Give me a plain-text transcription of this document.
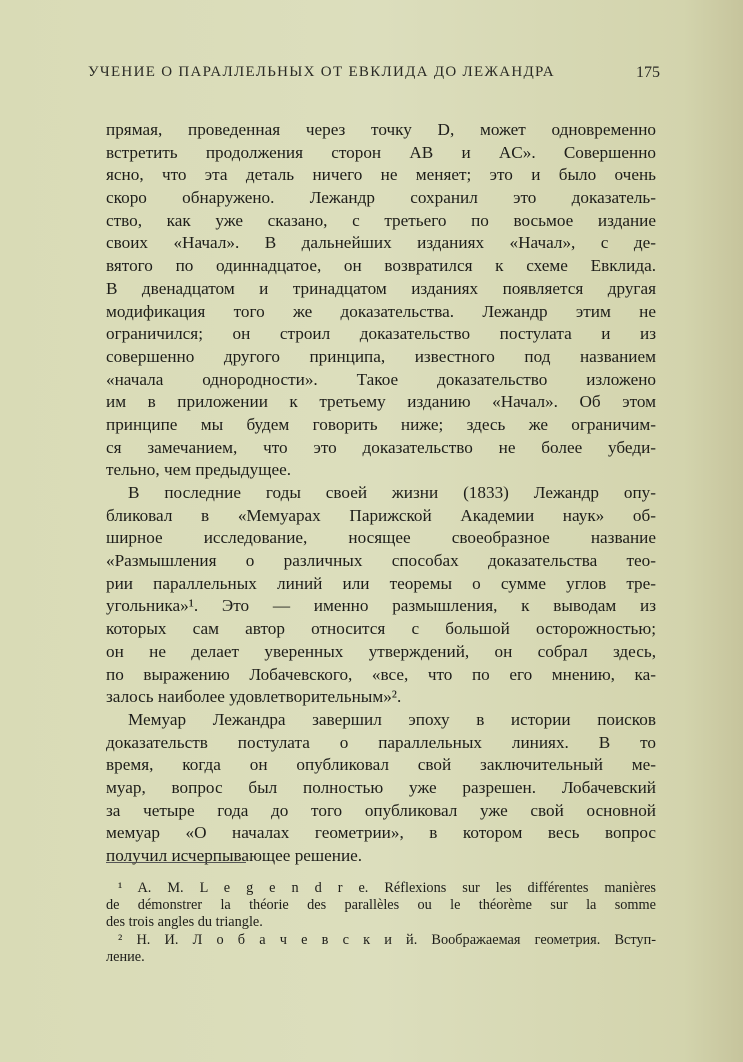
УЧЕНИЕ О ПАРАЛЛЕЛЬНЫХ ОТ ЕВКЛИДА ДО ЛЕЖАНДРА	175
прямая, проведенная через точку D, может одновременно
встретить продолжения сторон AB и AC». Совершенно
ясно, что эта деталь ничего не меняет; это и было очень
скоро обнаружено. Лежандр сохранил это доказатель-
ство, как уже сказано, с третьего по восьмое издание
своих «Начал». В дальнейших изданиях «Начал», с де-
вятого по одиннадцатое, он возвратился к схеме Евклида.
В двенадцатом и тринадцатом изданиях появляется другая
модификация того же доказательства. Лежандр этим не
ограничился; он строил доказательство постулата и из
совершенно другого принципа, известного под названием
«начала однородности». Такое доказательство изложено
им в приложении к третьему изданию «Начал». Об этом
принципе мы будем говорить ниже; здесь же ограничим-
ся замечанием, что это доказательство не более убеди-
тельно, чем предыдущее.
В последние годы своей жизни (1833) Лежандр опу-
бликовал в «Мемуарах Парижской Академии наук» об-
ширное исследование, носящее своеобразное название
«Размышления о различных способах доказательства тео-
рии параллельных линий или теоремы о сумме углов тре-
угольника»¹. Это — именно размышления, к выводам из
которых сам автор относится с большой осторожностью;
он не делает уверенных утверждений, он собрал здесь,
по выражению Лобачевского, «все, что по его мнению, ка-
залось наиболее удовлетворительным»².
Мемуар Лежандра завершил эпоху в истории поисков
доказательств постулата о параллельных линиях. В то
время, когда он опубликовал свой заключительный ме-
муар, вопрос был полностью уже разрешен. Лобачевский
за четыре года до того опубликовал уже свой основной
мемуар «О началах геометрии», в котором весь вопрос
получил исчерпывающее решение.
¹ A. M. L e g e n d r e. Réflexions sur les différentes manières
de démonstrer la théorie des parallèles ou le théorème sur la somme
des trois angles du triangle.
² Н. И. Л о б а ч е в с к и й. Воображаемая геометрия. Вступ-
ление.
